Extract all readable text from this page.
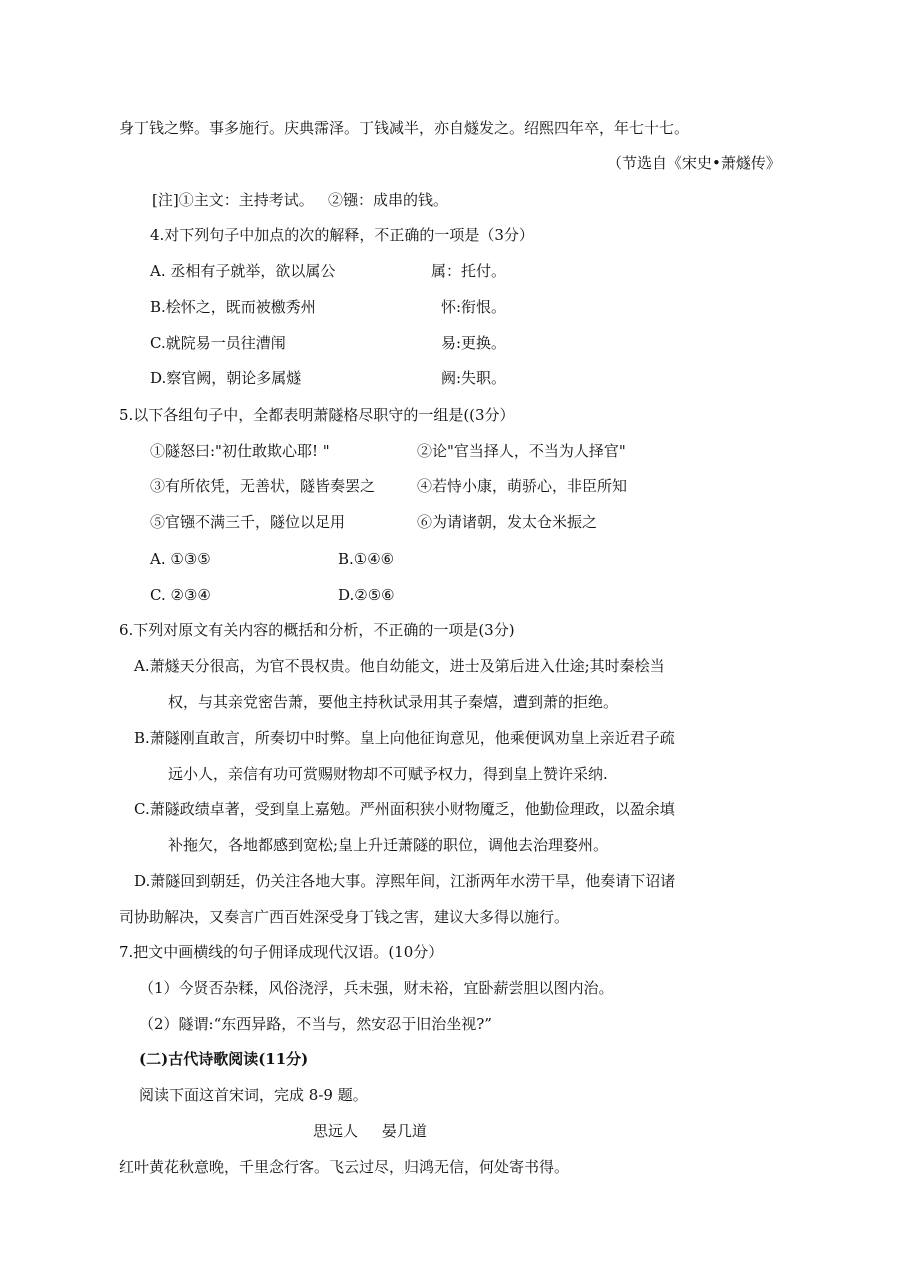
身丁钱之弊。事多施行。庆典霈泽。丁钱减半，亦自燧发之。绍熙四年卒，年七十七。
（节选自《宋史•萧燧传》
[注]①主文：主持考试。   ②镪：成串的钱。
4.对下列句子中加点的次的解释，不正确的一项是（3分）
A. 丞相有子就举，欲以属公	属：托付。
B.桧怀之，既而被檄秀州	怀:衔恨。
C.就院易一员往漕闱	易:更换。
D.察官阙，朝论多属燧	阙:失职。
5.以下各组句子中，全都表明萧隧格尽职守的一组是((3分）
①隧怒曰:"初仕敢欺心耶! "	②论"官当择人，不当为人择官"
③有所依凭，无善状，隧皆奏罢之	④若恃小康，萌骄心，非臣所知
⑤官镪不满三千，隧位以足用	⑥为请诸朝，发太仓米振之
A. ①③⑤	B.①④⑥
C. ②③④	D.②⑤⑥
6.下列对原文有关内容的概括和分析，不正确的一项是(3分)
A.萧燧天分很高，为官不畏权贵。他自幼能文，进士及第后进入仕途;其时秦桧当
权，与其亲党密告萧，要他主持秋试录用其子秦熺，遭到萧的拒绝。
B.萧隧刚直敢言，所奏切中时弊。皇上向他征询意见，他乘便讽劝皇上亲近君子疏
远小人，亲信有功可赏赐财物却不可赋予权力，得到皇上赞许采纳.
C.萧隧政绩卓著，受到皇上嘉勉。严州面积狭小财物魇乏，他勤俭理政，以盈余填
补拖欠，各地都感到宽松;皇上升迁萧隧的职位，调他去治理婺州。
D.萧隧回到朝廷，仍关注各地大事。淳熙年间，江浙两年水涝干旱，他奏请下诏诸
司协助解决，又奏言广西百姓深受身丁钱之害，建议大多得以施行。
7.把文中画横线的句子佣译成现代汉语。(10分）
（1）今贤否杂糅，风俗浇浮，兵未强，财未裕，宜卧薪尝胆以图内治。
（2）隧谓:“东西异路，不当与，然安忍于旧治坐视?”
(二)古代诗歌阅读(11分)
阅读下面这首宋词，完成 8-9 题。
思远人     晏几道
红叶黄花秋意晚，千里念行客。飞云过尽，归鸿无信，何处寄书得。
